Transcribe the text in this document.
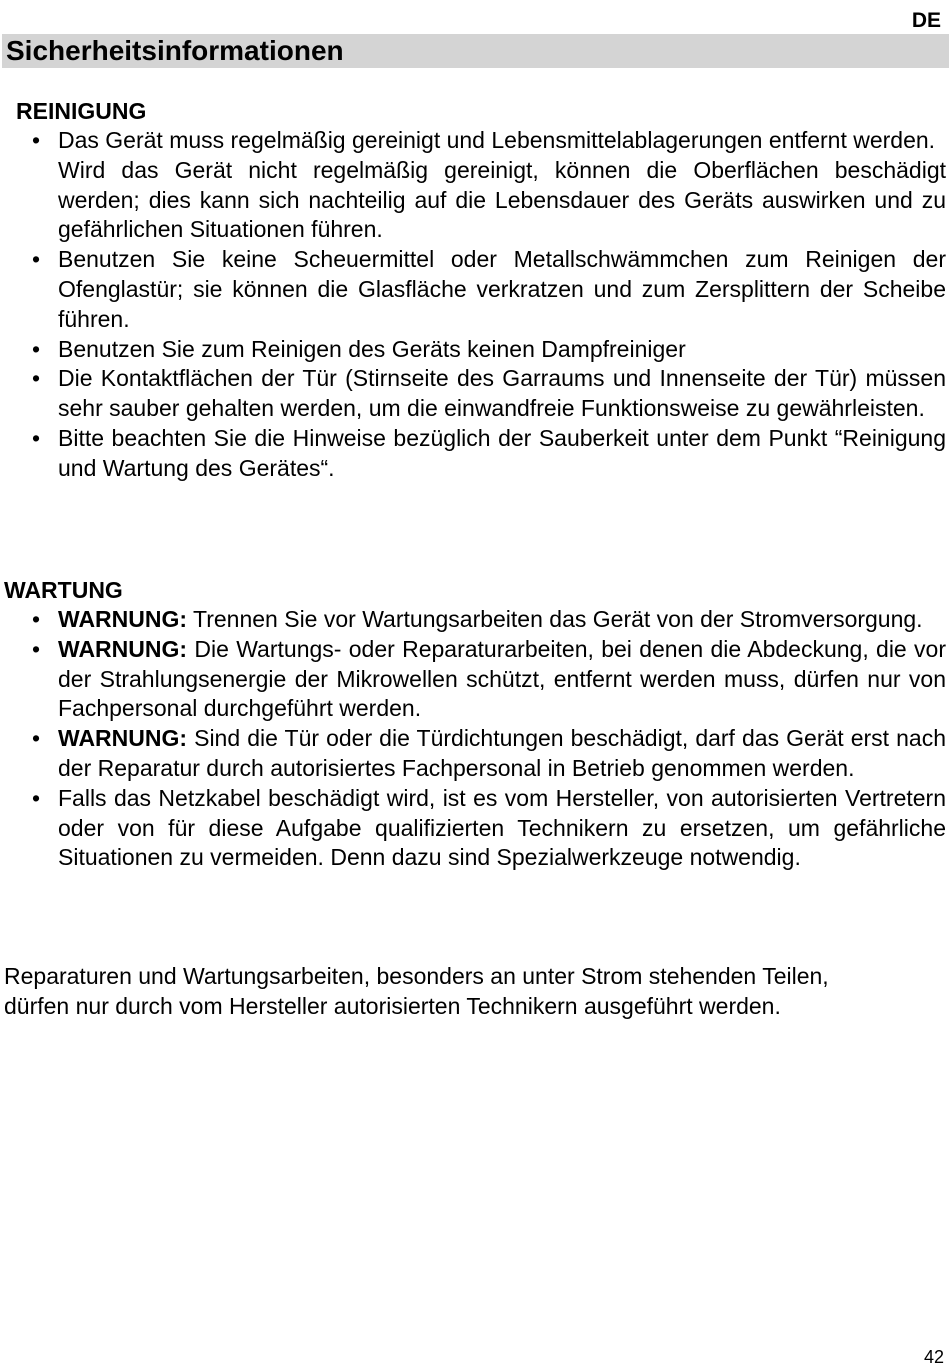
DE
Sicherheitsinformationen
REINIGUNG
• Das Gerät muss regelmäßig gereinigt und Lebensmittelablagerungen entfernt werden.
Wird das Gerät nicht regelmäßig gereinigt, können die Oberflächen beschädigt werden; dies kann sich nachteilig auf die Lebensdauer des Geräts auswirken und zu gefährlichen Situationen führen.
• Benutzen Sie keine Scheuermittel oder Metallschwämmchen zum Reinigen der Ofenglastür; sie können die Glasfläche verkratzen und zum Zersplittern der Scheibe führen.
• Benutzen Sie zum Reinigen des Geräts keinen Dampfreiniger
• Die Kontaktflächen der Tür (Stirnseite des Garraums und Innenseite der Tür) müssen sehr sauber gehalten werden, um die einwandfreie Funktionsweise zu gewährleisten.
• Bitte beachten Sie die Hinweise bezüglich der Sauberkeit unter dem Punkt “Reinigung und Wartung des Gerätes“.
WARTUNG
• WARNUNG: Trennen Sie vor Wartungsarbeiten das Gerät von der Stromversorgung.
• WARNUNG: Die Wartungs- oder Reparaturarbeiten, bei denen die Abdeckung, die vor der Strahlungsenergie der Mikrowellen schützt, entfernt werden muss, dürfen nur von Fachpersonal durchgeführt werden.
• WARNUNG: Sind die Tür oder die Türdichtungen beschädigt, darf das Gerät erst nach der Reparatur durch autorisiertes Fachpersonal in Betrieb genommen werden.
• Falls das Netzkabel beschädigt wird, ist es vom Hersteller, von autorisierten Vertretern oder von für diese Aufgabe qualifizierten Technikern zu ersetzen, um gefährliche Situationen zu vermeiden. Denn dazu sind Spezialwerkzeuge notwendig.
Reparaturen und Wartungsarbeiten, besonders an unter Strom stehenden Teilen,
dürfen nur durch vom Hersteller autorisierten Technikern ausgeführt werden.
42
